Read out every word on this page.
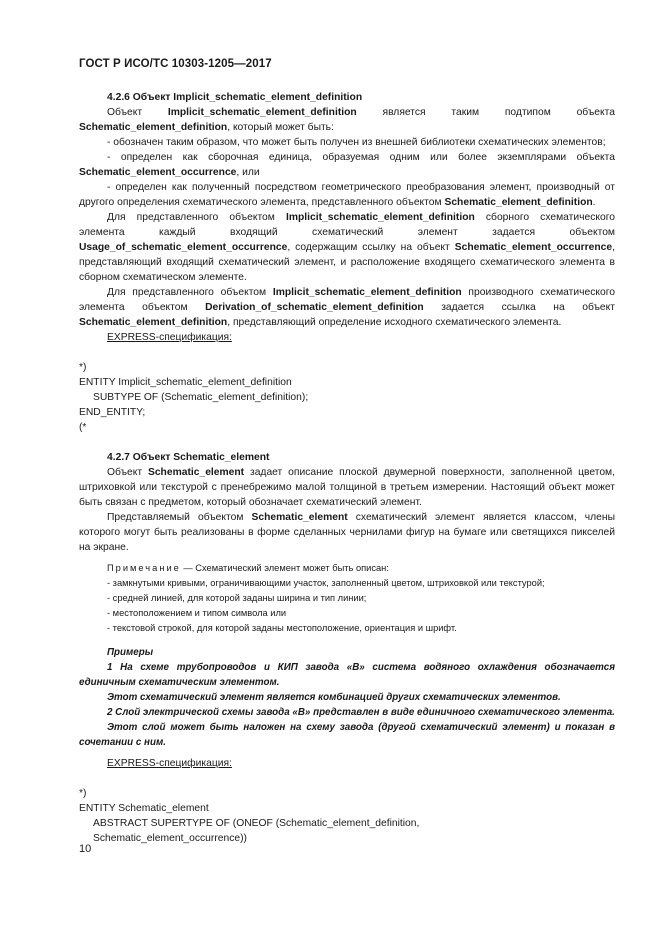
ГОСТ Р ИСО/ТС 10303-1205—2017

4.2.6 Объект Implicit_schematic_element_definition

Объект Implicit_schematic_element_definition является таким подтипом объекта Schematic_element_definition, который может быть:

- обозначен таким образом, что может быть получен из внешней библиотеки схематических элементов;

- определен как сборочная единица, образуемая одним или более экземплярами объекта Schematic_element_occurrence, или

- определен как полученный посредством геометрического преобразования элемент, производный от другого определения схематического элемента, представленного объектом Schematic_element_definition.

Для представленного объектом Implicit_schematic_element_definition сборного схематического элемента каждый входящий схематический элемент задается объектом Usage_of_schematic_element_occurrence, содержащим ссылку на объект Schematic_element_occurrence, представляющий входящий схематический элемент, и расположение входящего схематического элемента в сборном схематическом элементе.

Для представленного объектом Implicit_schematic_element_definition производного схематического элемента объектом Derivation_of_schematic_element_definition задается ссылка на объект Schematic_element_definition, представляющий определение исходного схематического элемента.

EXPRESS-спецификация:

*)

ENTITY Implicit_schematic_element_definition

SUBTYPE OF (Schematic_element_definition);

END_ENTITY;

(*

4.2.7 Объект Schematic_element

Объект Schematic_element задает описание плоской двумерной поверхности, заполненной цветом, штриховкой или текстурой с пренебрежимо малой толщиной в третьем измерении. Настоящий объект может быть связан с предметом, который обозначает схематический элемент.

Представляемый объектом Schematic_element схематический элемент является классом, члены которого могут быть реализованы в форме сделанных чернилами фигур на бумаге или светящихся пикселей на экране.

Примечание — Схематический элемент может быть описан:

- замкнутыми кривыми, ограничивающими участок, заполненный цветом, штриховкой или текстурой;

- средней линией, для которой заданы ширина и тип линии;

- местоположением и типом символа или

- текстовой строкой, для которой заданы местоположение, ориентация и шрифт.

Примеры

1 На схеме трубопроводов и КИП завода «B» система водяного охлаждения обозначается единичным схематическим элементом.

Этот схематический элемент является комбинацией других схематических элементов.

2 Слой электрической схемы завода «B» представлен в виде единичного схематического элемента.

Этот слой может быть наложен на схему завода (другой схематический элемент) и показан в сочетании с ним.

EXPRESS-спецификация:

*)

ENTITY Schematic_element

ABSTRACT SUPERTYPE OF (ONEOF (Schematic_element_definition,

Schematic_element_occurrence))

10
